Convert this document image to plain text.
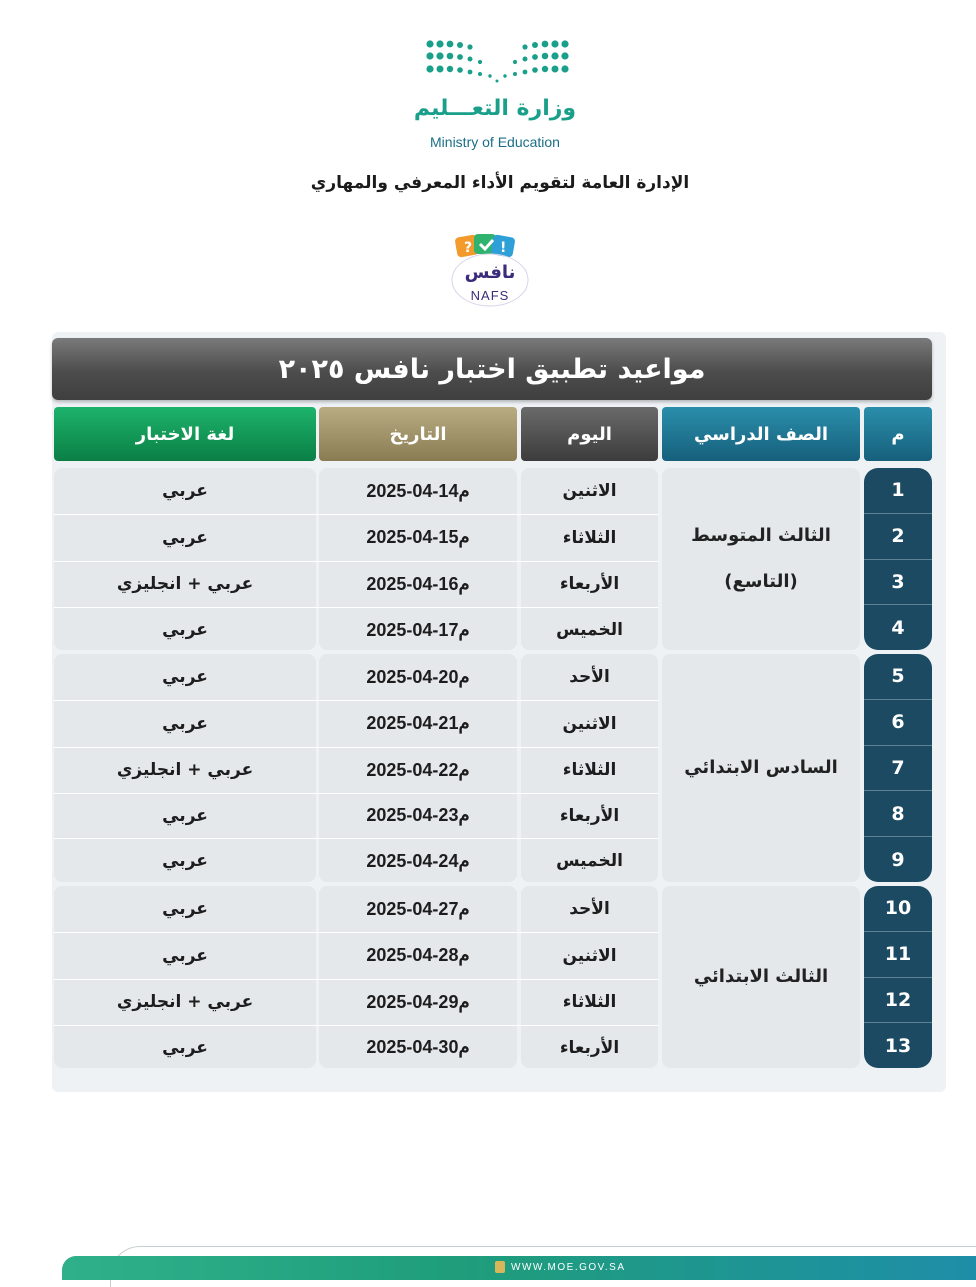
وزارة التعـــليم
Ministry of Education
الإدارة العامة لتقويم الأداء المعرفي والمهاري
? !
نافس
NAFS
مواعيد تطبيق اختبار نافس ٢٠٢٥
م
الصف الدراسي
اليوم
التاريخ
لغة الاختبار
الثالث المتوسط
(التاسع)
1
2
3
4
السادس الابتدائي
5
6
7
8
9
الثالث الابتدائي
10
11
12
13
الاثنين
2025-04-14م
عربي
الثلاثاء
2025-04-15م
عربي
الأربعاء
2025-04-16م
عربي + انجليزي
الخميس
2025-04-17م
عربي
الأحد
2025-04-20م
عربي
الاثنين
2025-04-21م
عربي
الثلاثاء
2025-04-22م
عربي + انجليزي
الأربعاء
2025-04-23م
عربي
الخميس
2025-04-24م
عربي
الأحد
2025-04-27م
عربي
الاثنين
2025-04-28م
عربي
الثلاثاء
2025-04-29م
عربي + انجليزي
الأربعاء
2025-04-30م
عربي
WWW.MOE.GOV.SA
